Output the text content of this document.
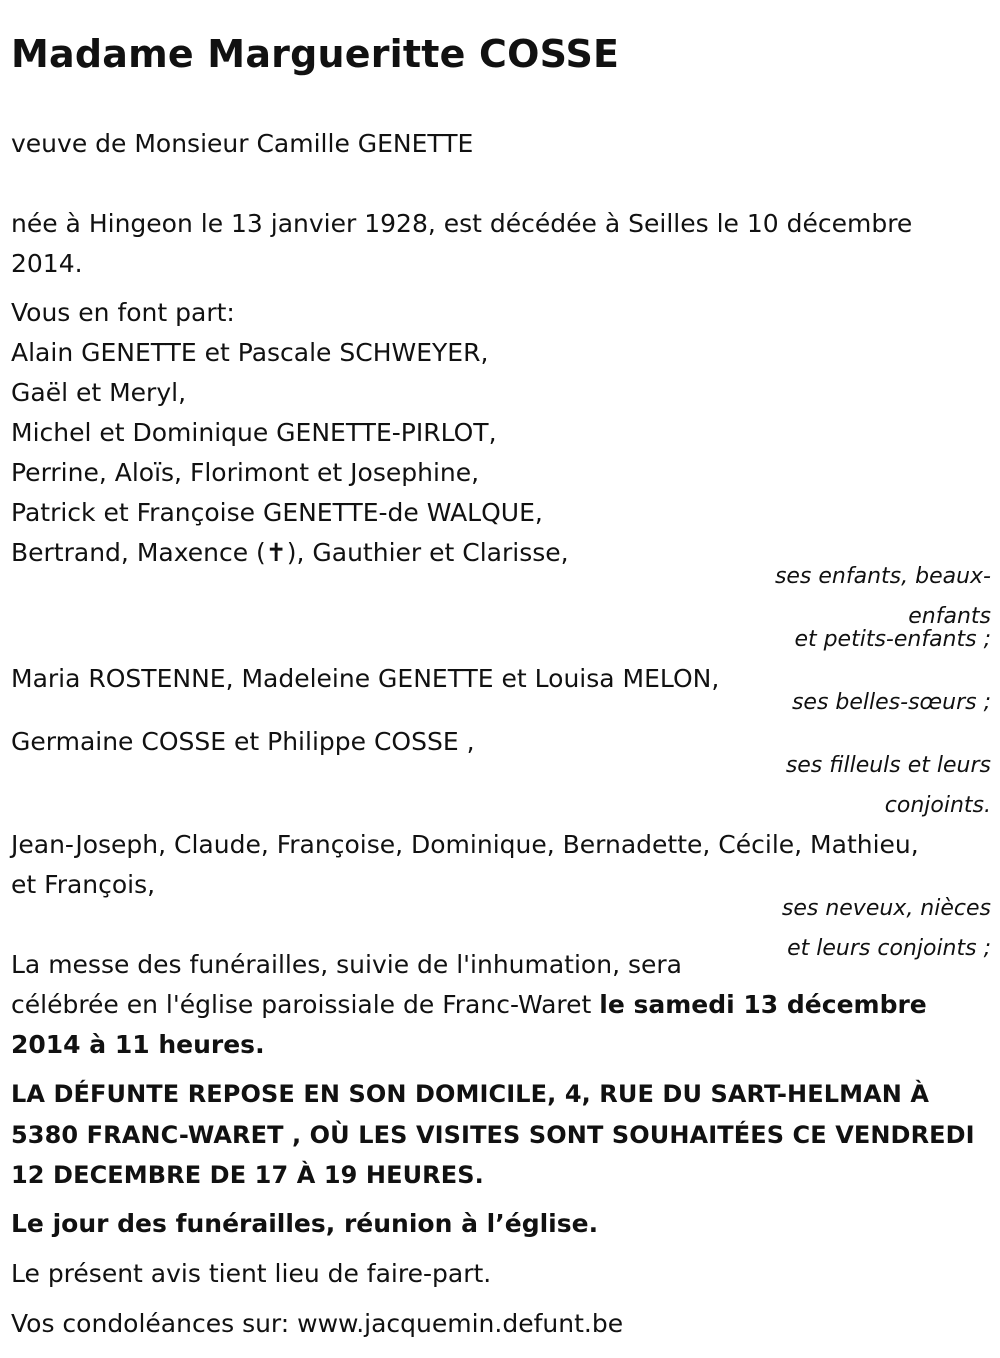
Madame Margueritte COSSE
veuve de Monsieur Camille GENETTE
née à Hingeon le 13 janvier 1928, est décédée à Seilles le 10 décembre
2014.
Vous en font part:
Alain GENETTE et Pascale SCHWEYER,
Gaël et Meryl,
Michel et Dominique GENETTE-PIRLOT,
Perrine, Aloïs, Florimont et Josephine,
Patrick et Françoise GENETTE-de WALQUE,
Bertrand, Maxence (✝), Gauthier et Clarisse,
ses enfants, beaux-
enfants
et petits-enfants ;
Maria ROSTENNE, Madeleine GENETTE et Louisa MELON,
ses belles-sœurs ;
Germaine COSSE et Philippe COSSE ,
ses filleuls et leurs
conjoints.
Jean-Joseph, Claude, Françoise, Dominique, Bernadette, Cécile, Mathieu,
et François,
ses neveux, nièces
et leurs conjoints ;
La messe des funérailles, suivie de l'inhumation, sera
célébrée en l'église paroissiale de Franc-Waret le samedi 13 décembre
2014 à 11 heures.
LA DÉFUNTE REPOSE EN SON DOMICILE, 4, RUE DU SART-HELMAN À
5380 FRANC-WARET , OÙ LES VISITES SONT SOUHAITÉES CE VENDREDI
12 DECEMBRE DE 17 À 19 HEURES.
Le jour des funérailles, réunion à l’église.
Le présent avis tient lieu de faire-part.
Vos condoléances sur: www.jacquemin.defunt.be
